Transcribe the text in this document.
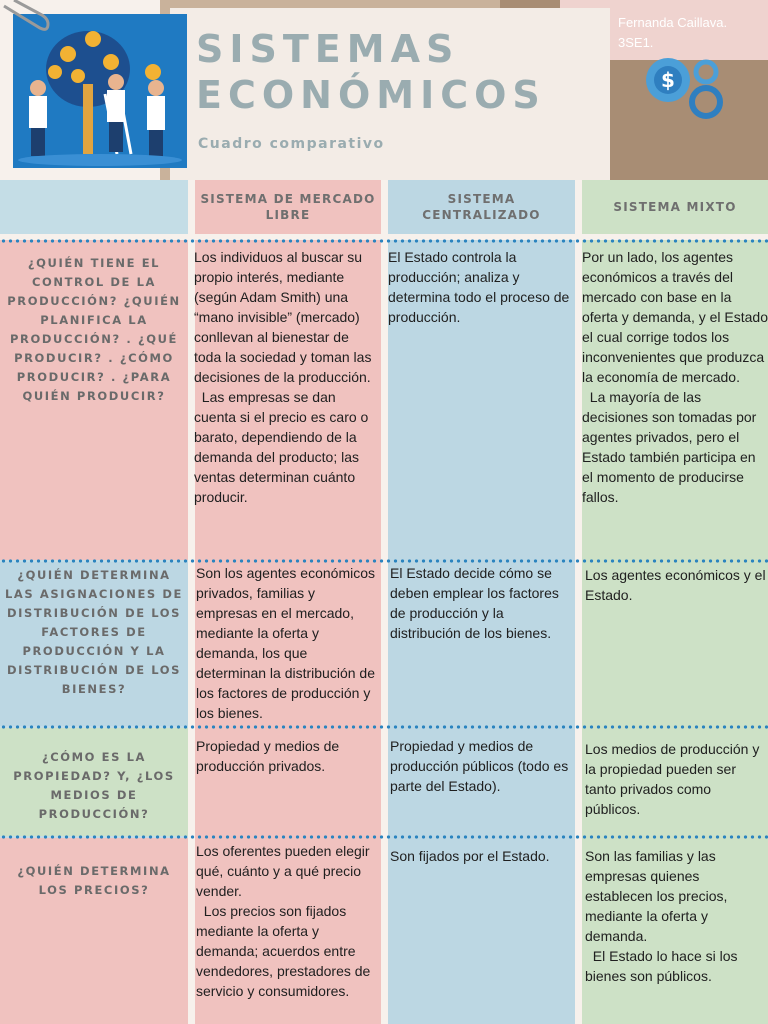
SISTEMAS
ECONÓMICOS
Cuadro comparativo
Fernanda Caillava.
3SE1.
$
SISTEMA DE MERCADO LIBRE
SISTEMA CENTRALIZADO
SISTEMA MIXTO
¿QUIÉN TIENE EL CONTROL DE LA PRODUCCIÓN? ¿QUIÉN PLANIFICA LA PRODUCCIÓN? . ¿QUÉ PRODUCIR? . ¿CÓMO PRODUCIR? . ¿PARA QUIÉN PRODUCIR?
Los individuos al buscar su propio interés, mediante (según Adam Smith) una “mano invisible” (mercado) conllevan al bienestar de toda la sociedad y toman las decisiones de la producción.
Las empresas se dan cuenta si el precio es caro o barato, dependiendo de la demanda del producto; las ventas determinan cuánto producir.
El Estado controla la producción; analiza y determina todo el proceso de producción.
Por un lado, los agentes económicos a través del mercado con base en la oferta y demanda, y el Estado el cual corrige todos los inconvenientes que produzca la economía de mercado.
La mayoría de las decisiones son tomadas por agentes privados, pero el Estado también participa en el momento de producirse fallos.
¿QUIÉN DETERMINA LAS ASIGNACIONES DE DISTRIBUCIÓN DE LOS FACTORES DE PRODUCCIÓN Y LA DISTRIBUCIÓN DE LOS BIENES?
Son los agentes económicos privados, familias y empresas en el mercado, mediante la oferta y demanda, los que determinan la distribución de los factores de producción y los bienes.
El Estado decide cómo se deben emplear los factores de producción y la distribución de los bienes.
Los agentes económicos y el Estado.
¿CÓMO ES LA PROPIEDAD? Y, ¿LOS MEDIOS DE PRODUCCIÓN?
Propiedad y medios de producción privados.
Propiedad y medios de producción públicos (todo es parte del Estado).
Los medios de producción y la propiedad pueden ser tanto privados como públicos.
¿QUIÉN DETERMINA LOS PRECIOS?
Los oferentes pueden elegir qué, cuánto y a qué precio vender.
Los precios son fijados mediante la oferta y demanda; acuerdos entre vendedores, prestadores de servicio y consumidores.
Son fijados por el Estado.	Son las familias y las empresas quienes establecen los precios, mediante la oferta y demanda.
El Estado lo hace si los bienes son públicos.
